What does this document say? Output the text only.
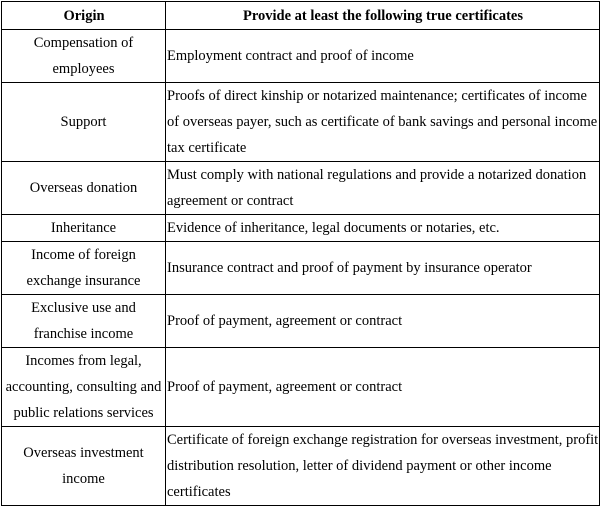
Origin	Provide at least the following true certificates
Compensation of employees	Employment contract and proof of income
Support	Proofs of direct kinship or notarized maintenance; certificates of income of overseas payer, such as certificate of bank savings and personal income tax certificate
Overseas donation	Must comply with national regulations and provide a notarized donation agreement or contract
Inheritance	Evidence of inheritance, legal documents or notaries, etc.
Income of foreign exchange insurance	Insurance contract and proof of payment by insurance operator
Exclusive use and franchise income	Proof of payment, agreement or contract
Incomes from legal, accounting, consulting and public relations services	Proof of payment, agreement or contract
Overseas investment income	Certificate of foreign exchange registration for overseas investment, profit distribution resolution, letter of dividend payment or other income certificates
